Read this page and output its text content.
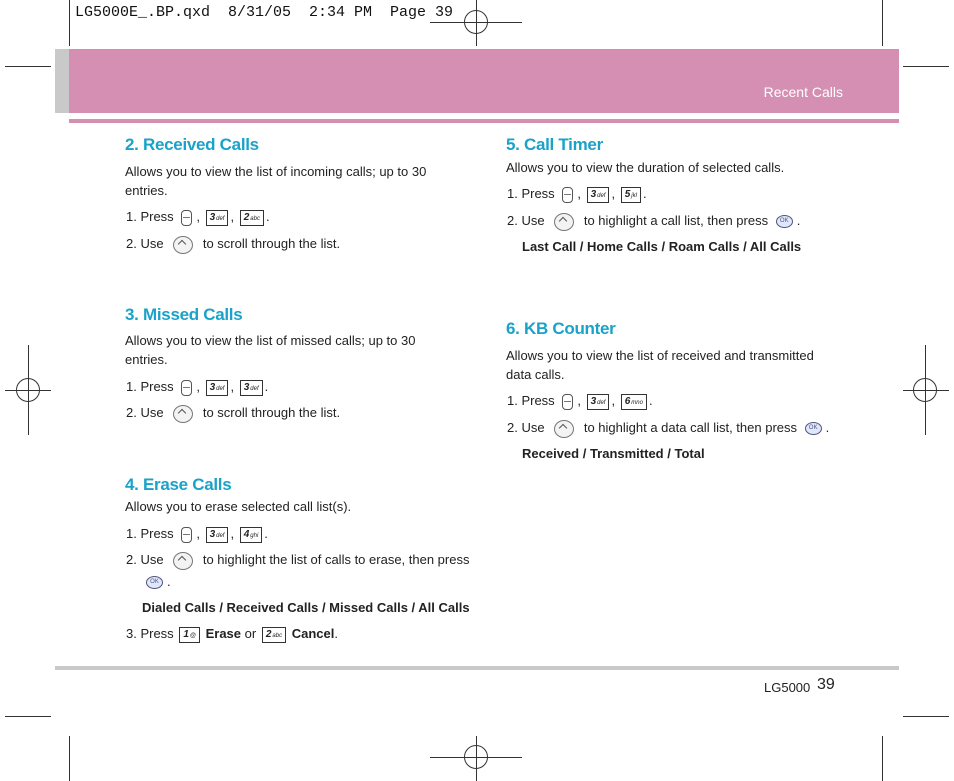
LG5000E_.BP.qxd  8/31/05  2:34 PM  Page 39
Recent Calls
2. Received Calls
Allows you to view the list of incoming calls; up to 30
entries.
1. Press , 3def , 2abc .
2. Use	to scroll through the list.
3. Missed Calls
Allows you to view the list of missed calls; up to 30
entries.
1. Press , 3def , 3def .
2. Use	to scroll through the list.
4. Erase Calls
Allows you to erase selected call list(s).
1. Press , 3def , 4ghi .
2. Use	to highlight the list of calls to erase, then press
OK .
Dialed Calls / Received Calls / Missed Calls / All Calls
3. Press 1@ Erase or 2abc Cancel.
5. Call Timer
Allows you to view the duration of selected calls.
1. Press , 3def , 5jkl .
2. Use	to highlight a call list, then press OK .
Last Call / Home Calls / Roam Calls / All Calls
6. KB Counter
Allows you to view the list of received and transmitted
data calls.
1. Press , 3def , 6mno .
2. Use	to highlight a data call list, then press OK .
Received / Transmitted / Total
LG5000 39
